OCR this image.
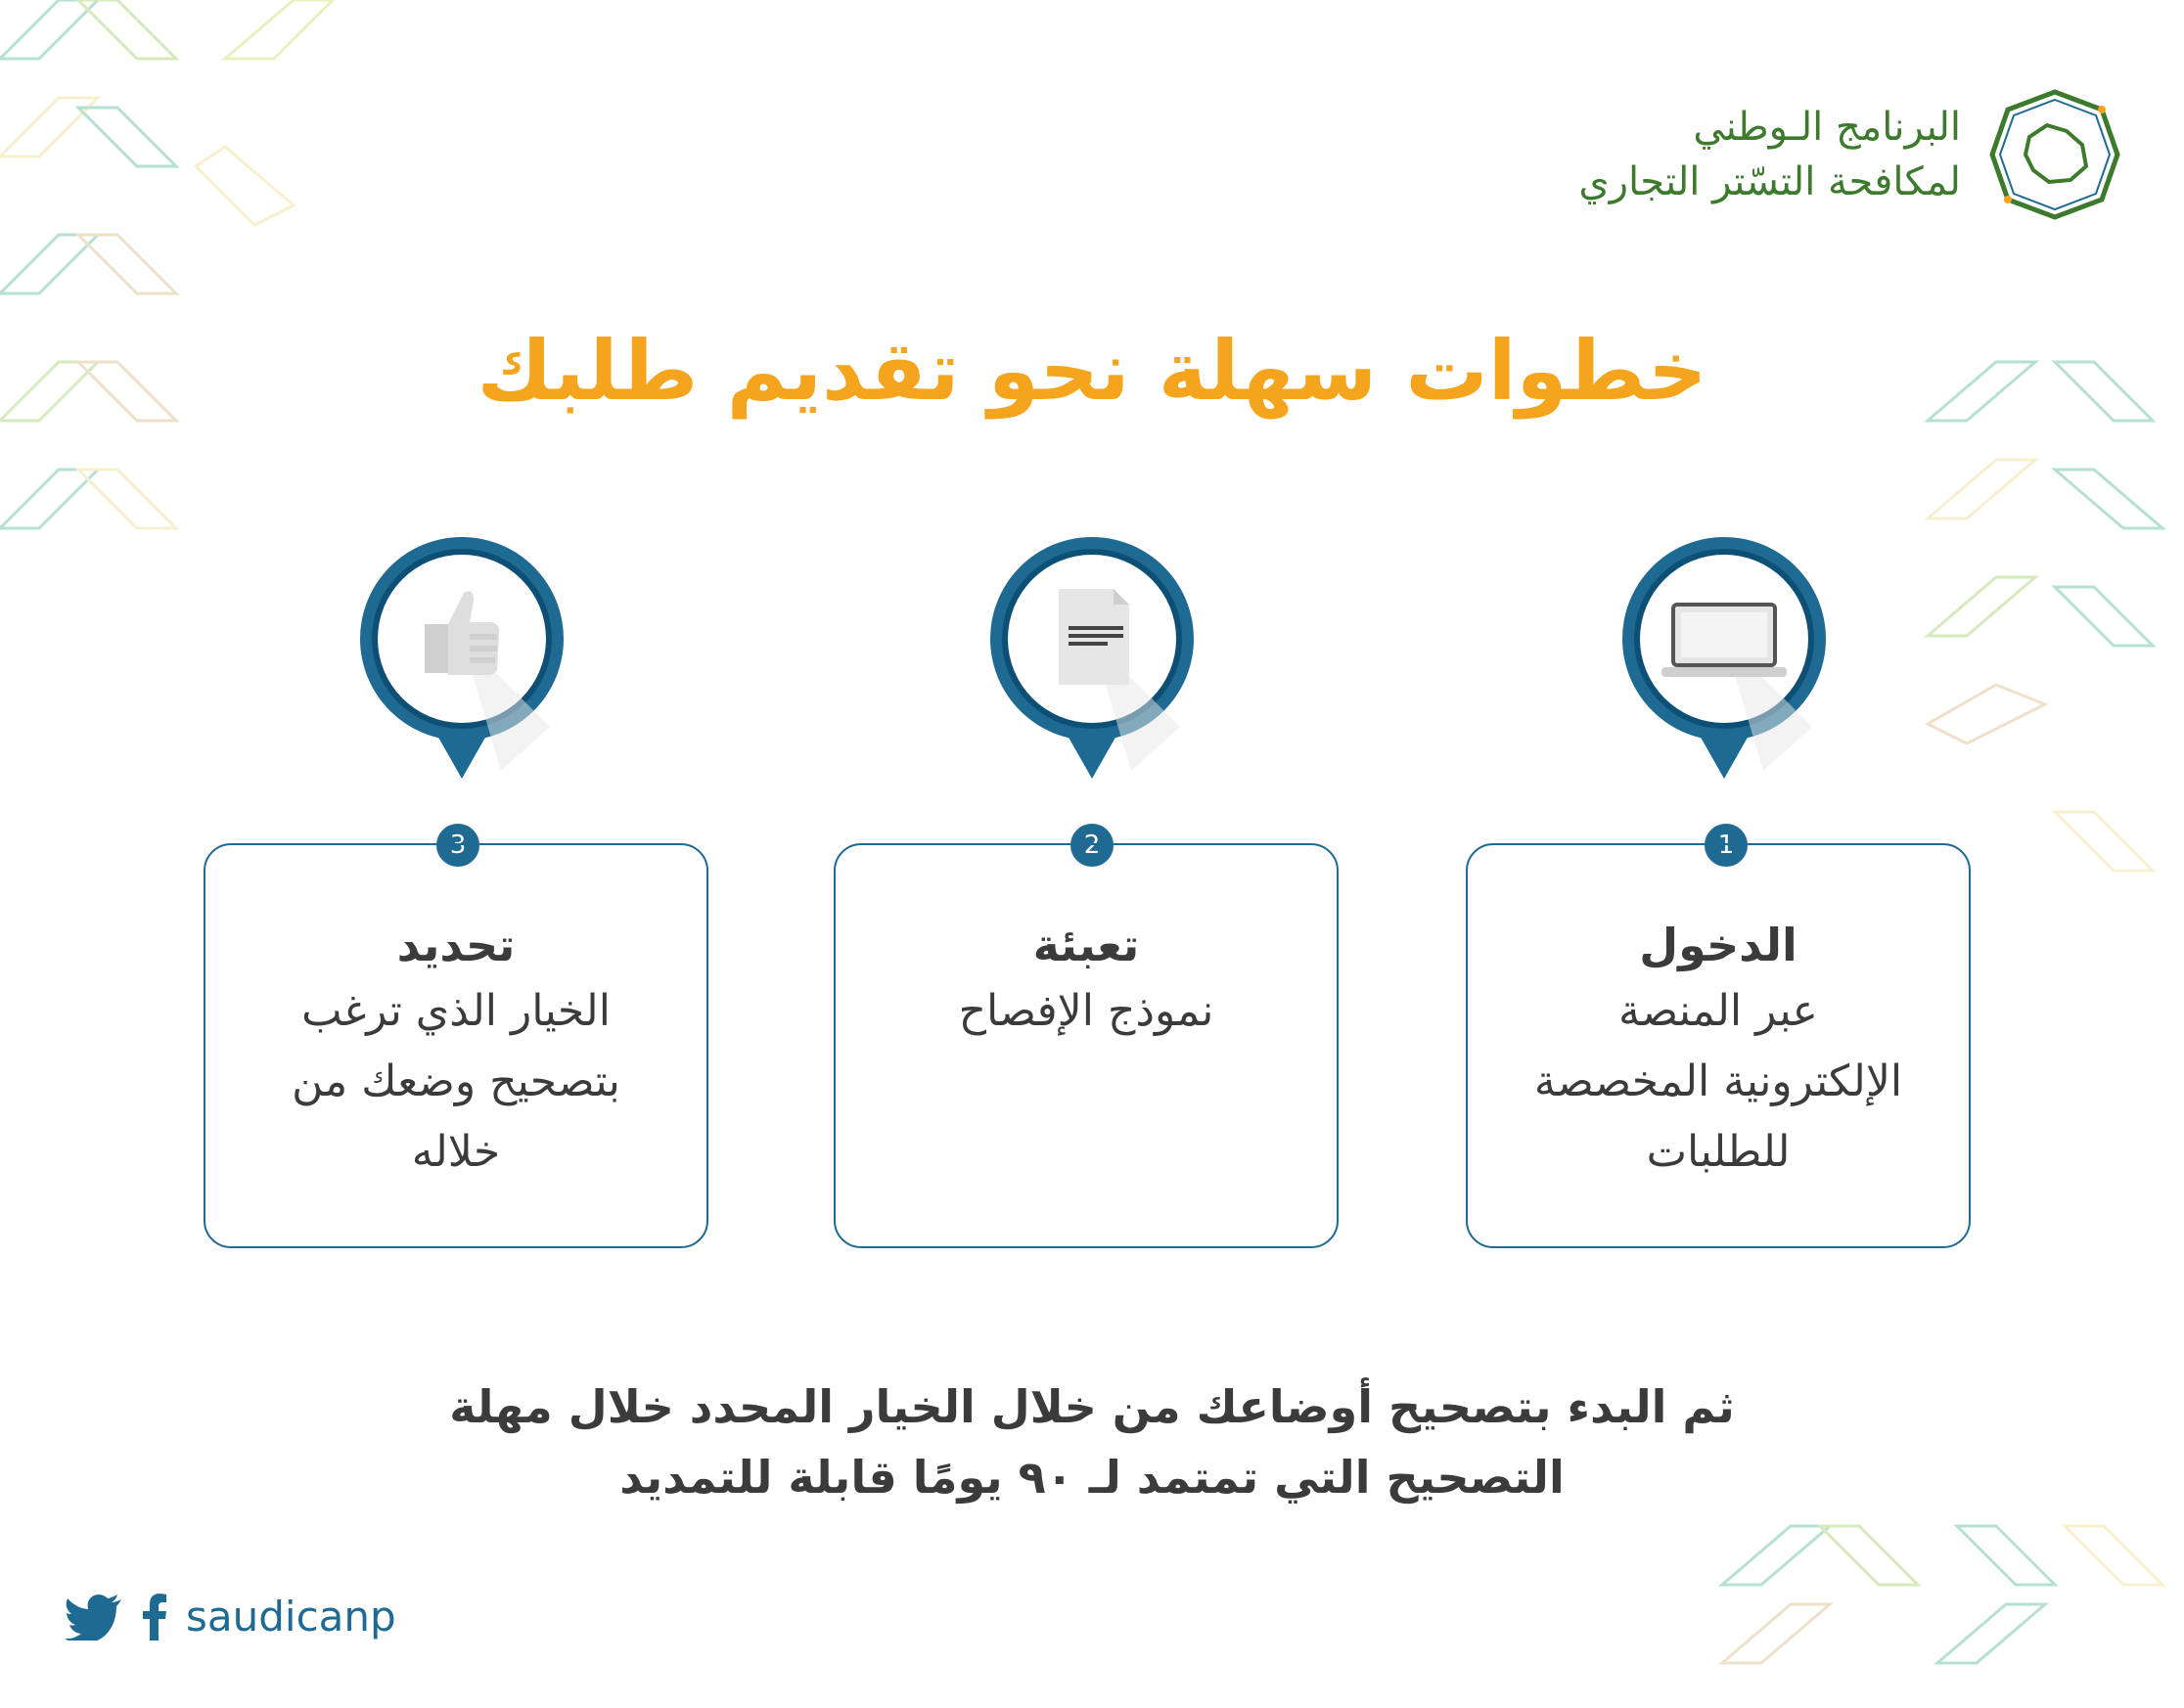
البرنامج الـوطني
لمكافحة التسّتر التجاري
خطوات سهلة نحو تقديم طلبك
1
الدخول
عبر المنصة
الإلكترونية المخصصة
للطلبات
2
تعبئة
نموذج الإفصاح
3
تحديد
الخيار الذي ترغب
بتصحيح وضعك من
خلاله
ثم البدء بتصحيح أوضاعك من خلال الخيار المحدد خلال مهلة
التصحيح التي تمتمد لـ ٩٠ يومًا قابلة للتمديد
saudicanp
